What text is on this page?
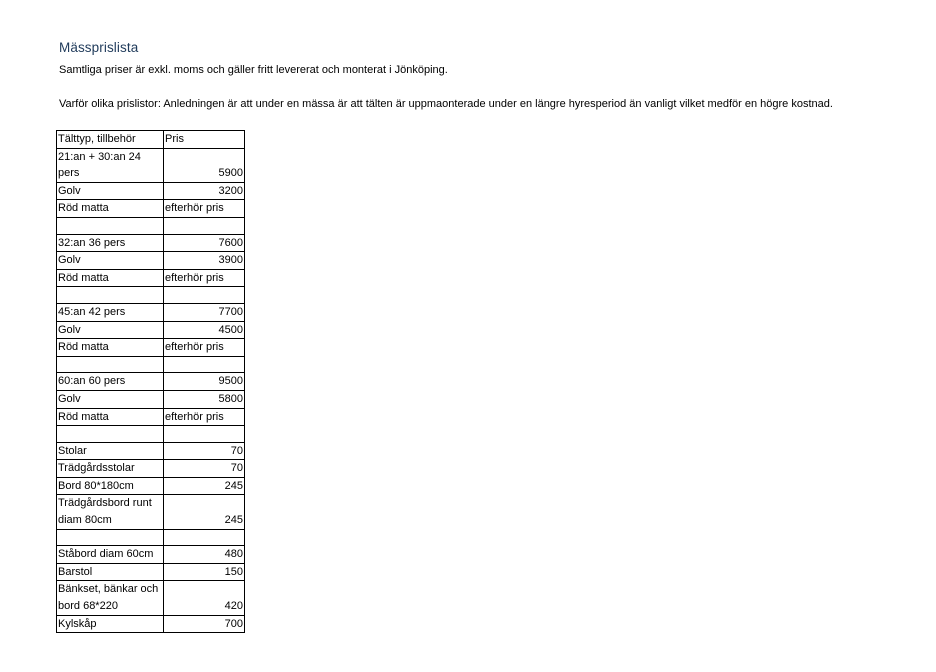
Mässprislista
Samtliga priser är exkl. moms och gäller fritt levererat och monterat i Jönköping.
Varför olika prislistor: Anledningen är att under en mässa är att tälten är uppmaonterade under en längre hyresperiod än vanligt vilket medför en högre kostnad.
Tälttyp, tillbehör	Pris
21:an + 30:an 24 pers	5900
Golv	3200
Röd matta	efterhör pris

32:an 36 pers	7600
Golv	3900
Röd matta	efterhör pris

45:an 42 pers	7700
Golv	4500
Röd matta	efterhör pris

60:an 60 pers	9500
Golv	5800
Röd matta	efterhör pris

Stolar	70
Trädgårdsstolar	70
Bord 80*180cm	245
Trädgårdsbord runt diam 80cm	245

Ståbord diam 60cm	480
Barstol	150
Bänkset, bänkar och bord 68*220	420
Kylskåp	700
